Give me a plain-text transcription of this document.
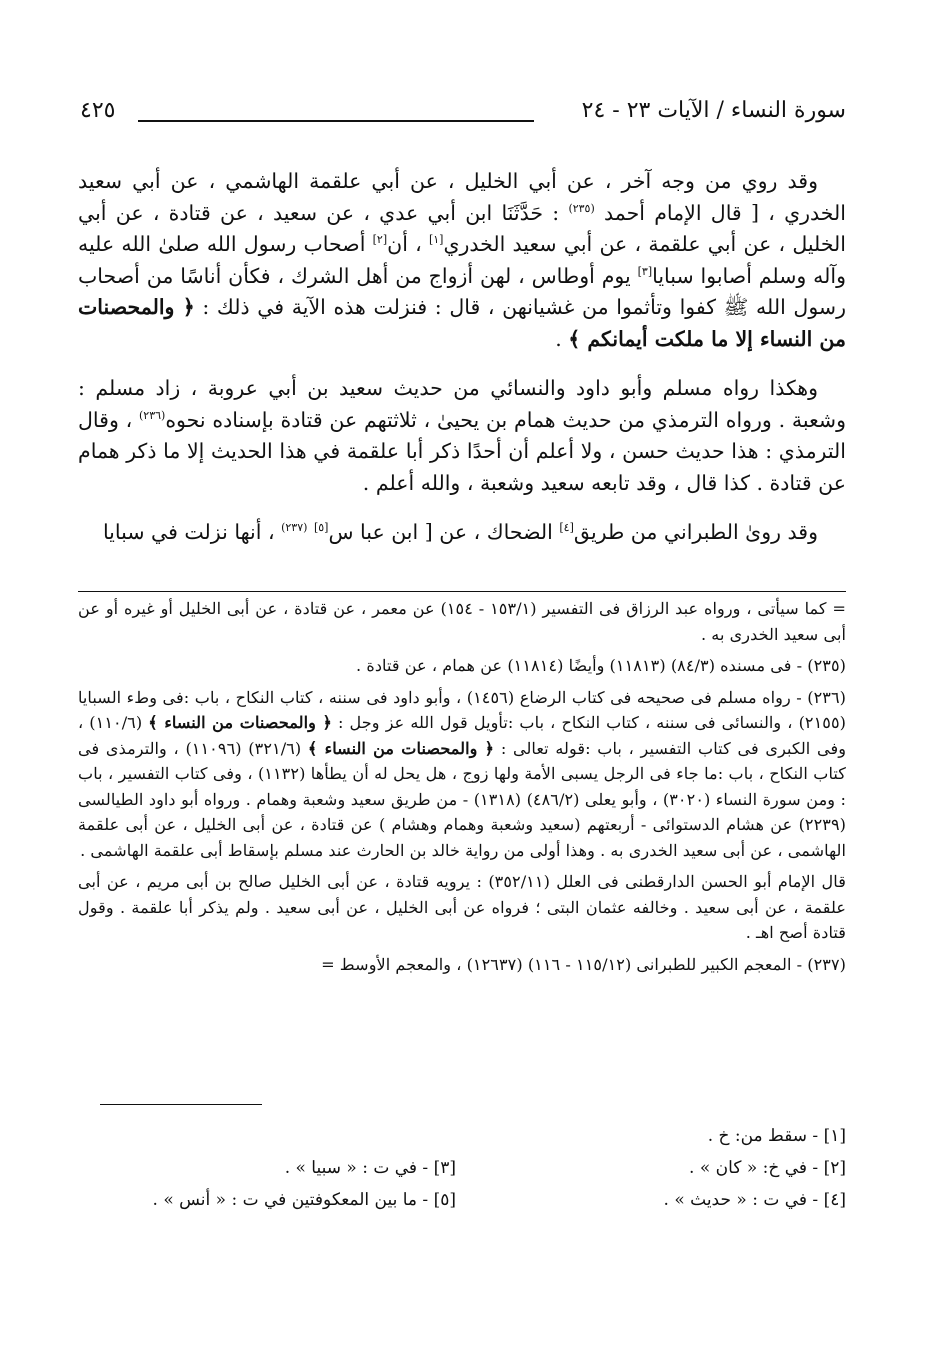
سورة النساء / الآيات ٢٣ - ٢٤
٤٢٥

وقد روي من وجه آخر ، عن أبي الخليل ، عن أبي علقمة الهاشمي ، عن أبي سعيد الخدري ، [ قال الإمام أحمد $^{(٢٣٥)}$ : حَدَّثَنَا ابن أبي عدي ، عن سعيد ، عن قتادة ، عن أبي الخليل ، عن أبي علقمة ، عن أبي سعيد الخدري[١] ، أن[٢] أصحاب رسول الله صلىٰ الله عليه وآله وسلم أصابوا سبايا[٣] يوم أوطاس ، لهن أزواج من أهل الشرك ، فكأن أناسًا من أصحاب رسول الله ﷺ كفوا وتأثموا من غشيانهن ، قال : فنزلت هذه الآية في ذلك : ﴿ والمحصنات من النساء إلا ما ملكت أيمانكم ﴾ .

وهكذا رواه مسلم وأبو داود والنسائي من حديث سعيد بن أبي عروبة ، زاد مسلم : وشعبة . ورواه الترمذي من حديث همام بن يحيىٰ ، ثلاثتهم عن قتادة بإسناده نحوه$^{(٢٣٦)}$ ، وقال الترمذي : هذا حديث حسن ، ولا أعلم أن أحدًا ذكر أبا علقمة في هذا الحديث إلا ما ذكر همام عن قتادة . كذا قال ، وقد تابعه سعيد وشعبة ، والله أعلم .

وقد روىٰ الطبراني من طريق[٤] الضحاك ، عن [ ابن عبا س[٥] $^{(٢٣٧)}$ ، أنها نزلت في سبايا

= كما سيأتى ، ورواه عبد الرزاق فى التفسير (١٥٣/١ - ١٥٤) عن معمر ، عن قتادة ، عن أبى الخليل أو غيره أو عن أبى سعيد الخدرى به .

(٢٣٥) - فى مسنده (٨٤/٣) (١١٨١٣) وأيضًا (١١٨١٤) عن همام ، عن قتادة .

(٢٣٦) - رواه مسلم فى صحيحه فى كتاب الرضاع (١٤٥٦) ، وأبو داود فى سننه ، كتاب النكاح ، باب :فى وطء السبايا (٢١٥٥) ، والنسائى فى سننه ، كتاب النكاح ، باب :تأويل قول الله عز وجل : ﴿ والمحصنات من النساء ﴾ (١١٠/٦) ، وفى الكبرى فى كتاب التفسير ، باب :قوله تعالى : ﴿ والمحصنات من النساء ﴾ (٣٢١/٦) (١١٠٩٦) ، والترمذى فى كتاب النكاح ، باب :ما جاء فى الرجل يسبى الأمة ولها زوج ، هل يحل له أن يطأها (١١٣٢) ، وفى كتاب التفسير ، باب : ومن سورة النساء (٣٠٢٠) ، وأبو يعلى (٤٨٦/٢) (١٣١٨) - من طريق سعيد وشعبة وهمام . ورواه أبو داود الطيالسى (٢٢٣٩) عن هشام الدستوائى - أربعتهم (سعيد وشعبة وهمام وهشام ) عن قتادة ، عن أبى الخليل ، عن أبى علقمة الهاشمى ، عن أبى سعيد الخدرى به . وهذا أولى من رواية خالد بن الحارث عند مسلم بإسقاط أبى علقمة الهاشمى .

قال الإمام أبو الحسن الدارقطنى فى العلل (٣٥٢/١١) : يرويه قتادة ، عن أبى الخليل صالح بن أبى مريم ، عن أبى علقمة ، عن أبى سعيد . وخالفه عثمان البتى ؛ فرواه عن أبى الخليل ، عن أبى سعيد . ولم يذكر أبا علقمة . وقول قتادة أصح اهـ .

(٢٣٧) - المعجم الكبير للطبرانى (١١٥/١٢ - ١١٦) (١٢٦٣٧) ، والمعجم الأوسط =

[١] - سقط من: خ .
[٢] - في خ: « كان » .
[٣] - في ت : « سبيا » .
[٤] - في ت : « حديث » .
[٥] - ما بين المعكوفتين في ت : « أنس » .
